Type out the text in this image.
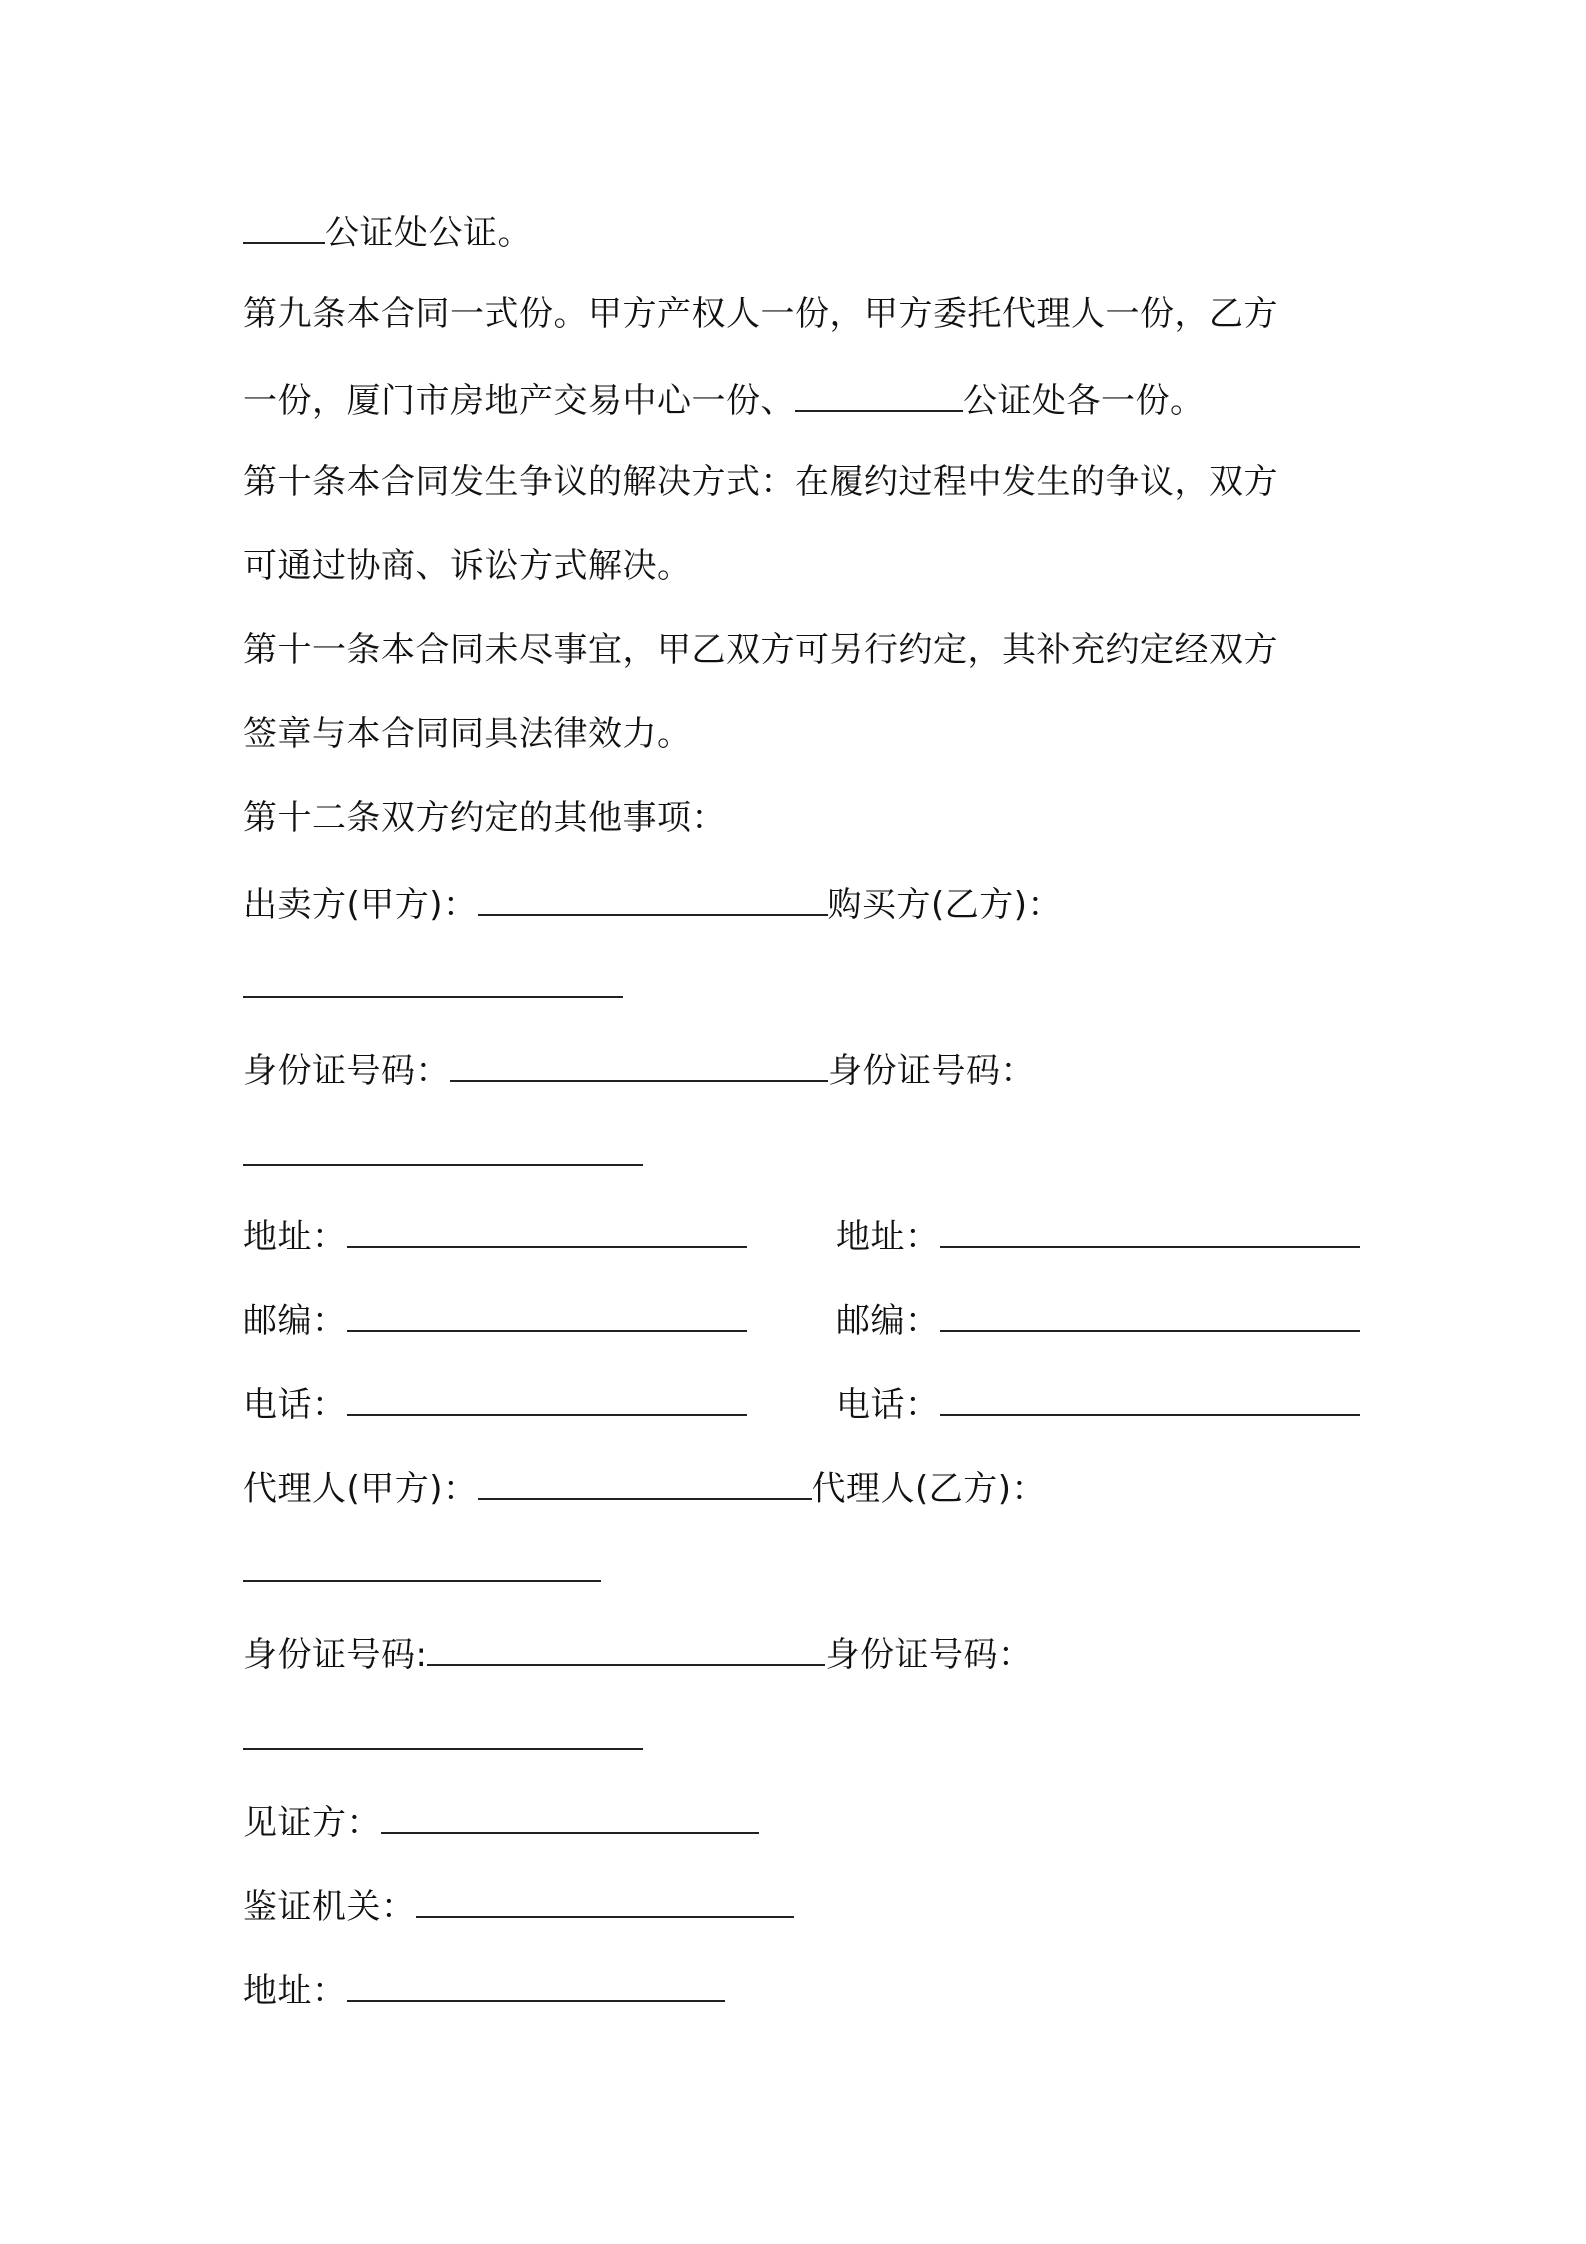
公证处公证。
第九条本合同一式份。甲方产权人一份，甲方委托代理人一份，乙方
一份，厦门市房地产交易中心一份、	公证处各一份。
第十条本合同发生争议的解决方式：在履约过程中发生的争议，双方
可通过协商、诉讼方式解决。
第十一条本合同未尽事宜，甲乙双方可另行约定，其补充约定经双方
签章与本合同同具法律效力。
第十二条双方约定的其他事项：
出卖方(甲方)：	购买方(乙方)：
身份证号码：	身份证号码：
地址：	地址：
邮编：	邮编：
电话：	电话：
代理人(甲方)：	代理人(乙方)：
身份证号码:	身份证号码：
见证方：
鉴证机关：
地址：
